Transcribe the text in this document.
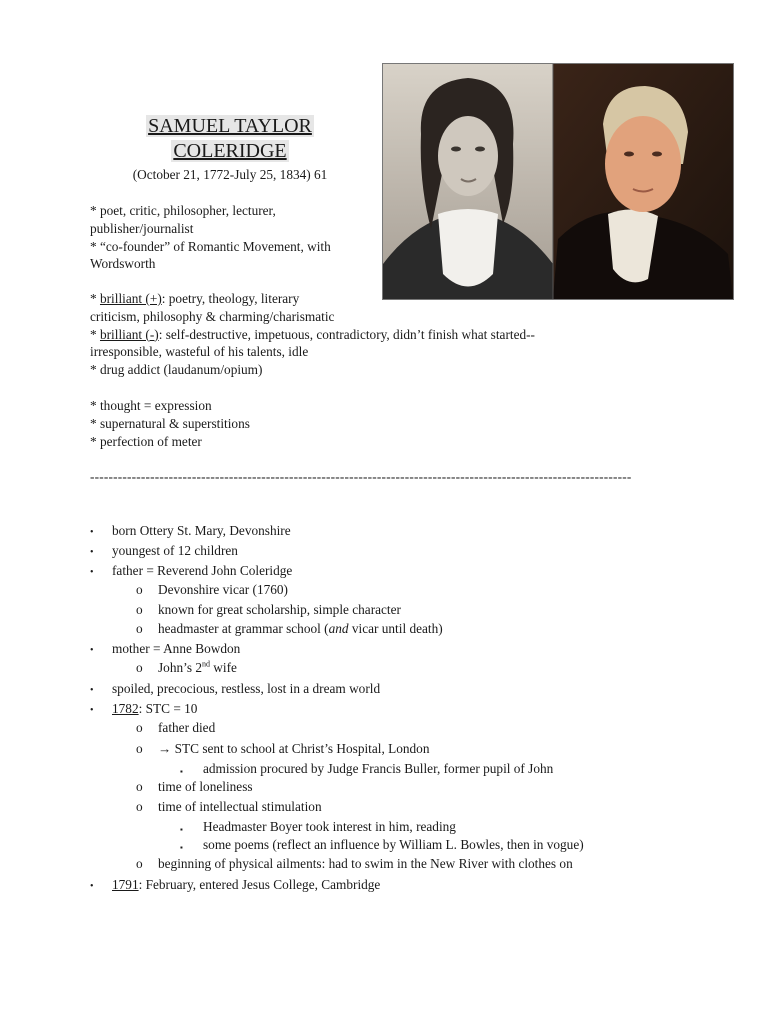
SAMUEL TAYLOR
COLERIDGE
(October 21, 1772-July 25, 1834) 61
* poet, critic, philosopher, lecturer,
publisher/journalist
* “co-founder” of Romantic Movement, with
Wordsworth
* brilliant (+): poetry, theology, literary
criticism, philosophy & charming/charismatic
* brilliant (-): self-destructive, impetuous, contradictory, didn’t finish what started--
irresponsible, wasteful of his talents, idle
* drug addict (laudanum/opium)
* thought = expression
* supernatural & superstitions
* perfection of meter
---------------------------------------------------------------------------------------------------------------------
• born Ottery St. Mary, Devonshire
• youngest of 12 children
• father = Reverend John Coleridge
o Devonshire vicar (1760)
o known for great scholarship, simple character
o headmaster at grammar school (and vicar until death)
• mother = Anne Bowdon
o John’s 2nd wife
• spoiled, precocious, restless, lost in a dream world
• 1782: STC = 10
o father died
o → STC sent to school at Christ’s Hospital, London
▪ admission procured by Judge Francis Buller, former pupil of John
o time of loneliness
o time of intellectual stimulation
▪ Headmaster Boyer took interest in him, reading
▪ some poems (reflect an influence by William L. Bowles, then in vogue)
o beginning of physical ailments: had to swim in the New River with clothes on
• 1791: February, entered Jesus College, Cambridge
